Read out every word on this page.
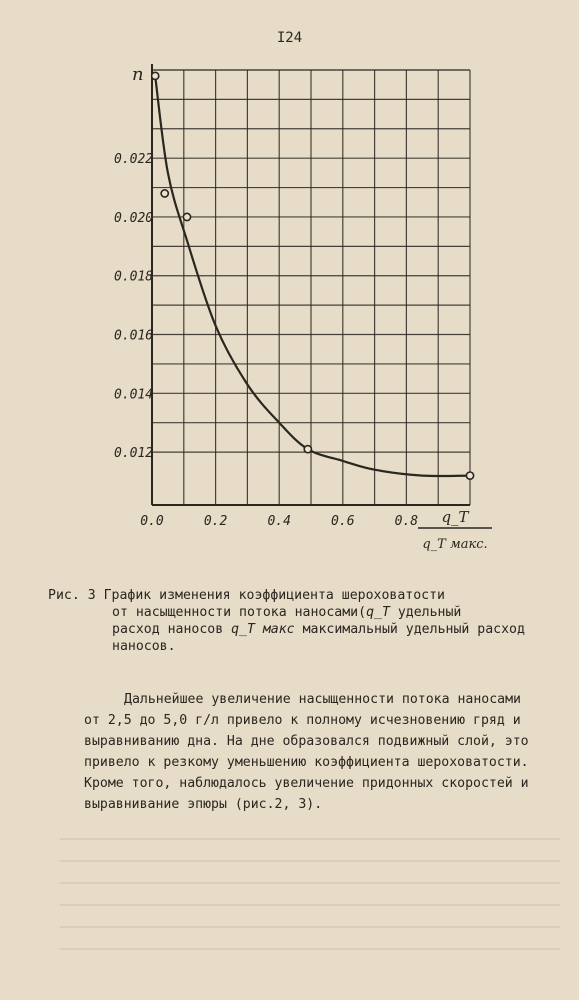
I24
0.012
0.014
0.016
0.018
0.020
0.022
0.0	0.2	0.4	0.6	0.8
n
q_T
q_T макс.
Рис. 3 График изменения коэффициента шероховатости
от насыщенности потока наносами(q_T удельный
расход наносов q_T макс максимальный удельный расход
наносов.
Дальнейшее увеличение насыщенности потока наносами
от 2,5 до 5,0 г/л привело к полному исчезновению гряд и
выравниванию дна. На дне образовался подвижный слой, это
привело к резкому уменьшению коэффициента шероховатости.
Кроме того, наблюдалось увеличение придонных скоростей и
выравнивание эпюры (рис.2, 3).
